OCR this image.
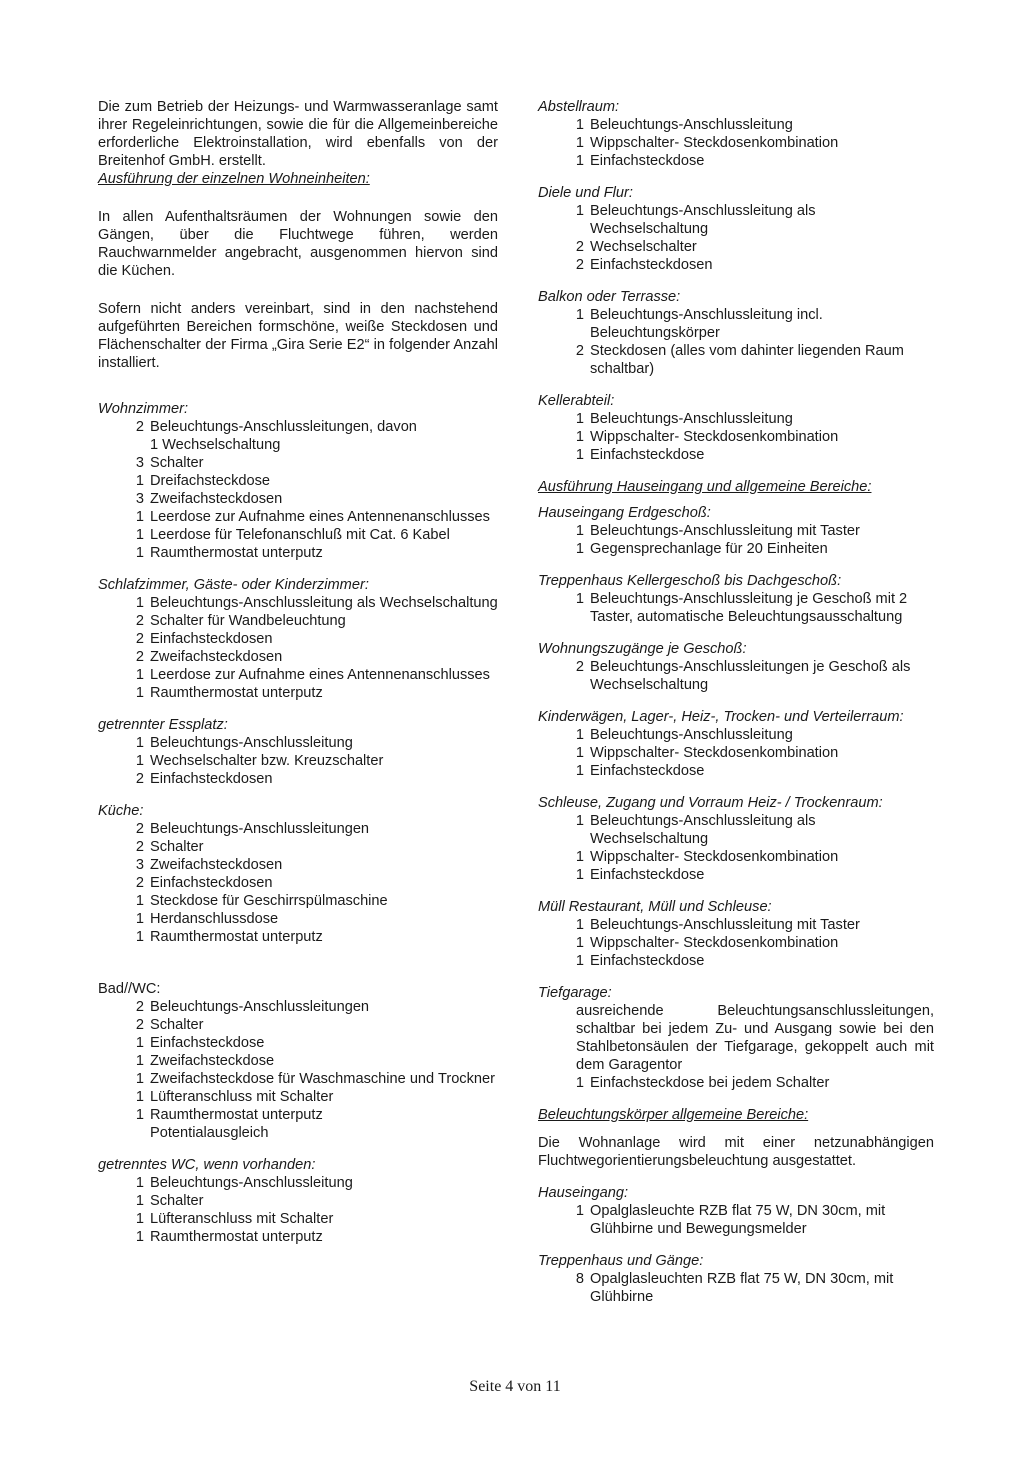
Die zum Betrieb der Heizungs- und Warmwasseranlage samt ihrer Regeleinrichtungen, sowie die für die Allgemeinbereiche erforderliche Elektroinstallation, wird ebenfalls von der Breitenhof GmbH. erstellt.

Ausführung der einzelnen Wohneinheiten:

In allen Aufenthaltsräumen der Wohnungen sowie den Gängen, über die Fluchtwege führen, werden Rauchwarnmelder angebracht, ausgenommen hiervon sind die Küchen.

Sofern nicht anders vereinbart, sind in den nachstehend aufgeführten Bereichen formschöne, weiße Steckdosen und Flächenschalter der Firma „Gira Serie E2“ in folgender Anzahl installiert.

Wohnzimmer:

2 Beleuchtungs-Anschlussleitungen, davon
1 Wechselschaltung
3 Schalter
1 Dreifachsteckdose
3 Zweifachsteckdosen
1 Leerdose zur Aufnahme eines Antennenanschlusses
1 Leerdose für Telefonanschluß mit Cat. 6 Kabel
1 Raumthermostat unterputz

Schlafzimmer, Gäste- oder Kinderzimmer:

1 Beleuchtungs-Anschlussleitung als Wechselschaltung
2 Schalter für Wandbeleuchtung
2 Einfachsteckdosen
2 Zweifachsteckdosen
1 Leerdose zur Aufnahme eines Antennenanschlusses
1 Raumthermostat unterputz

getrennter Essplatz:

1 Beleuchtungs-Anschlussleitung
1 Wechselschalter bzw. Kreuzschalter
2 Einfachsteckdosen

Küche:

2 Beleuchtungs-Anschlussleitungen
2 Schalter
3 Zweifachsteckdosen
2 Einfachsteckdosen
1 Steckdose für Geschirrspülmaschine
1 Herdanschlussdose
1 Raumthermostat unterputz

Bad//WC:

2 Beleuchtungs-Anschlussleitungen
2 Schalter
1 Einfachsteckdose
1 Zweifachsteckdose
1 Zweifachsteckdose für Waschmaschine und Trockner
1 Lüfteranschluss mit Schalter
1 Raumthermostat unterputz
Potentialausgleich

getrenntes WC, wenn vorhanden:

1 Beleuchtungs-Anschlussleitung
1 Schalter
1 Lüfteranschluss mit Schalter
1 Raumthermostat unterputz

Abstellraum:

1 Beleuchtungs-Anschlussleitung
1 Wippschalter- Steckdosenkombination
1 Einfachsteckdose

Diele und Flur:

1 Beleuchtungs-Anschlussleitung als Wechselschaltung
2 Wechselschalter
2 Einfachsteckdosen

Balkon oder Terrasse:

1 Beleuchtungs-Anschlussleitung incl. Beleuchtungskörper
2 Steckdosen (alles vom dahinter liegenden Raum schaltbar)

Kellerabteil:

1 Beleuchtungs-Anschlussleitung
1 Wippschalter- Steckdosenkombination
1 Einfachsteckdose

Ausführung Hauseingang und allgemeine Bereiche:

Hauseingang Erdgeschoß:

1 Beleuchtungs-Anschlussleitung mit Taster
1 Gegensprechanlage für 20 Einheiten

Treppenhaus Kellergeschoß bis Dachgeschoß:

1 Beleuchtungs-Anschlussleitung je Geschoß mit 2 Taster, automatische Beleuchtungsausschaltung

Wohnungszugänge je Geschoß:

2 Beleuchtungs-Anschlussleitungen je Geschoß als Wechselschaltung

Kinderwägen, Lager-, Heiz-, Trocken- und Verteilerraum:

1 Beleuchtungs-Anschlussleitung
1 Wippschalter- Steckdosenkombination
1 Einfachsteckdose

Schleuse, Zugang und Vorraum Heiz- / Trockenraum:

1 Beleuchtungs-Anschlussleitung als Wechselschaltung
1 Wippschalter- Steckdosenkombination
1 Einfachsteckdose

Müll Restaurant, Müll und Schleuse:

1 Beleuchtungs-Anschlussleitung mit Taster
1 Wippschalter- Steckdosenkombination
1 Einfachsteckdose

Tiefgarage:

ausreichende Beleuchtungsanschlussleitungen, schaltbar bei jedem Zu- und Ausgang sowie bei den Stahlbetonsäulen der Tiefgarage, gekoppelt auch mit dem Garagentor

1 Einfachsteckdose bei jedem Schalter

Beleuchtungskörper allgemeine Bereiche:

Die Wohnanlage wird mit einer netzunabhängigen Fluchtwegorientierungsbeleuchtung ausgestattet.

Hauseingang:

1 Opalglasleuchte RZB flat 75 W, DN 30cm, mit Glühbirne und Bewegungsmelder

Treppenhaus und Gänge:

8 Opalglasleuchten RZB flat 75 W, DN 30cm, mit Glühbirne
Seite 4 von 11
